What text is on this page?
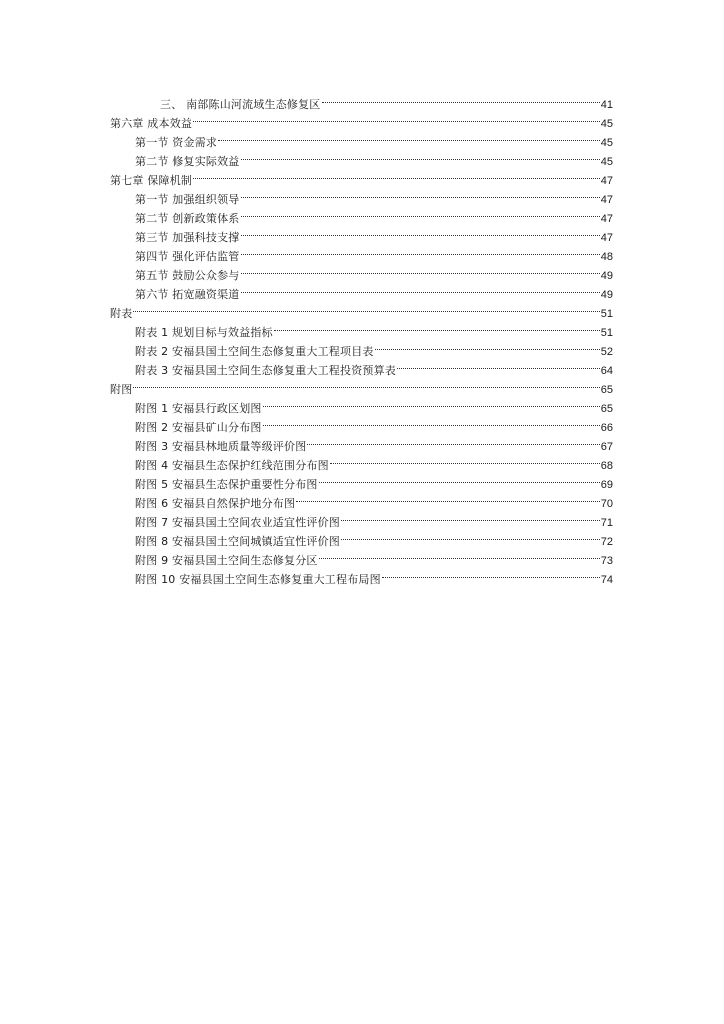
三、 南部陈山河流域生态修复区	41
第六章 成本效益	45
第一节 资金需求	45
第二节 修复实际效益	45
第七章 保障机制	47
第一节 加强组织领导	47
第二节 创新政策体系	47
第三节 加强科技支撑	47
第四节 强化评估监管	48
第五节 鼓励公众参与	49
第六节 拓宽融资渠道	49
附表	51
附表 1 规划目标与效益指标	51
附表 2 安福县国土空间生态修复重大工程项目表	52
附表 3 安福县国土空间生态修复重大工程投资预算表	64
附图	65
附图 1 安福县行政区划图	65
附图 2 安福县矿山分布图	66
附图 3 安福县林地质量等级评价图	67
附图 4 安福县生态保护红线范围分布图	68
附图 5 安福县生态保护重要性分布图	69
附图 6 安福县自然保护地分布图	70
附图 7 安福县国土空间农业适宜性评价图	71
附图 8 安福县国土空间城镇适宜性评价图	72
附图 9 安福县国土空间生态修复分区	73
附图 10 安福县国土空间生态修复重大工程布局图	74
